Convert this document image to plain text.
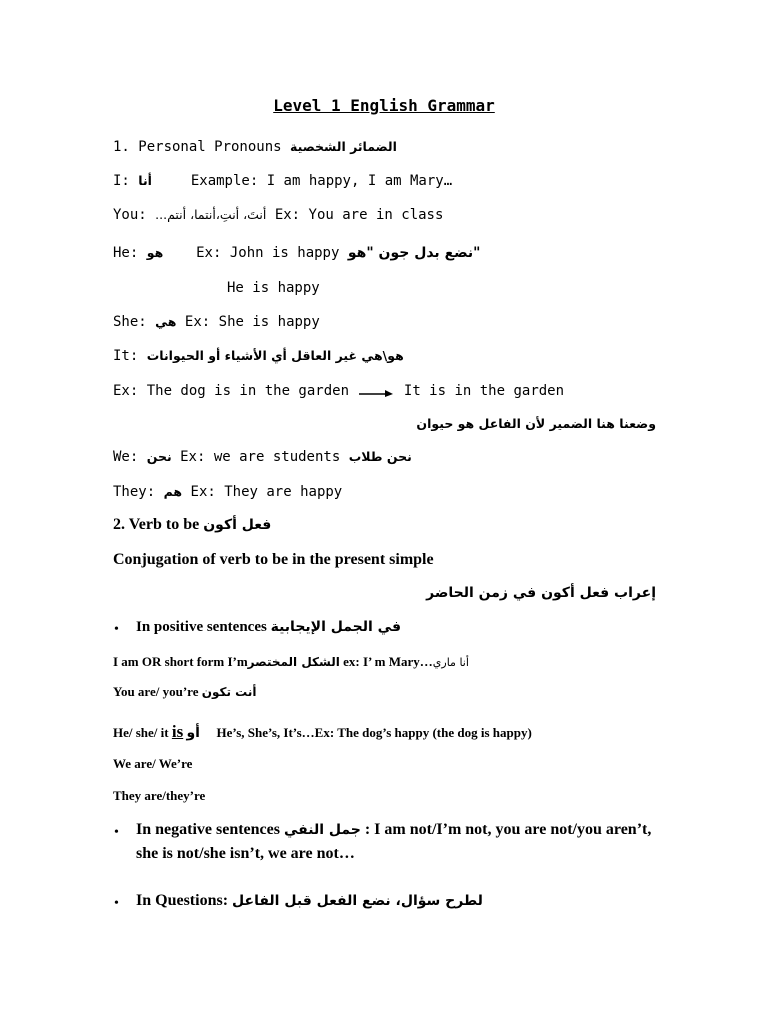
Level 1 English Grammar
1. Personal Pronouns الضمائر الشخصية
I: أنا	Example: I am happy, I am Mary…
You: أنتَ، أنتِ،أنتما، أنتم... Ex: You are in class
He: هو Ex: John is happy "نضع بدل جون "هو
He is happy
She: هي Ex: She is happy
It: هو\هي غير العاقل أي الأشياء أو الحيوانات
Ex: The dog is in the garden	It is in the garden
وضعنا هنا الضمير لأن الفاعل هو حيوان
We: نحن Ex: we are students نحن طلاب
They: هم Ex: They are happy
2. Verb to be فعل أكون
Conjugation of verb to be in the present simple
إعراب فعل أكون في زمن الحاضر
• In positive sentences في الجمل الإيجابية
I am OR short form I’mالشكل المختصر ex: I’ m Mary…أنا ماري
You are/ you’re أنت تكون
He/ she/ it is أو He’s, She’s, It’s…Ex: The dog’s happy (the dog is happy)
We are/ We’re
They are/they’re
• In negative sentences جمل النفي : I am not/I’m not, you are not/you aren’t,
she is not/she isn’t, we are not…
• In Questions: لطرح سؤال، نضع الفعل قبل الفاعل
